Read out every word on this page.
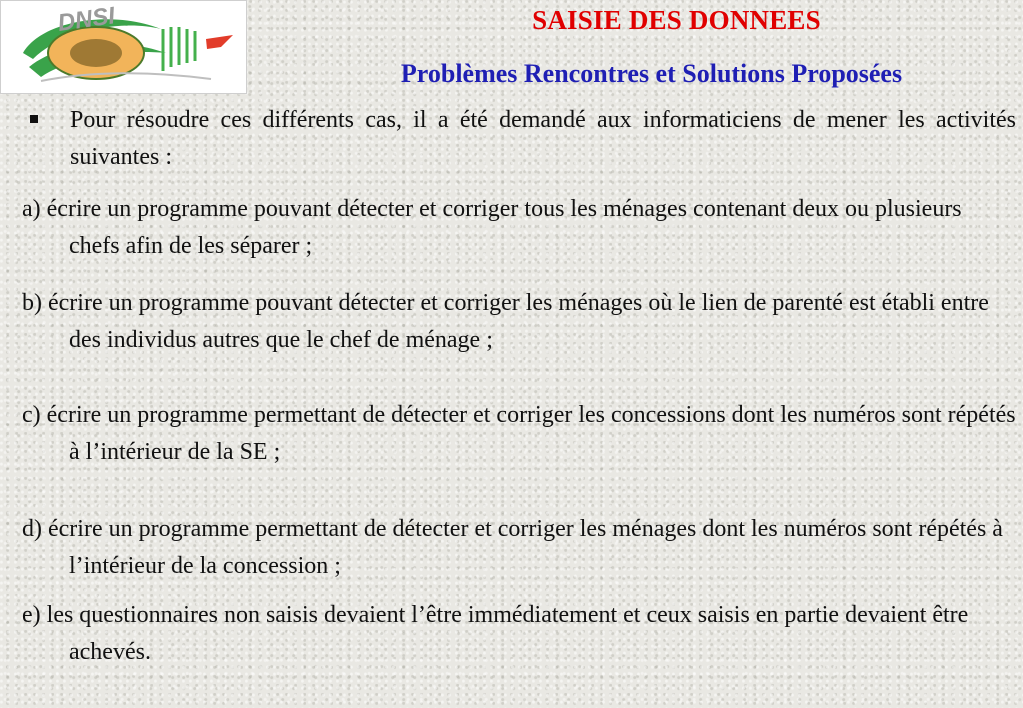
DNSI	SAISIE DES DONNEES
Problèmes Rencontres et Solutions Proposées
Pour résoudre ces différents cas, il a été demandé aux informaticiens de mener les activités suivantes :
a) écrire un programme pouvant détecter et corriger tous les ménages contenant deux ou plusieurs chefs afin de les séparer ;
b) écrire un programme pouvant détecter et corriger les ménages où le lien de parenté est établi entre des individus autres que le chef de ménage ;
c) écrire un programme permettant de détecter et corriger les concessions dont les numéros sont répétés à l’intérieur de la SE ;
d) écrire un programme permettant de détecter et corriger les ménages dont les numéros sont répétés à l’intérieur de la concession ;
e) les questionnaires non saisis devaient l’être immédiatement et ceux saisis en partie devaient être achevés.
